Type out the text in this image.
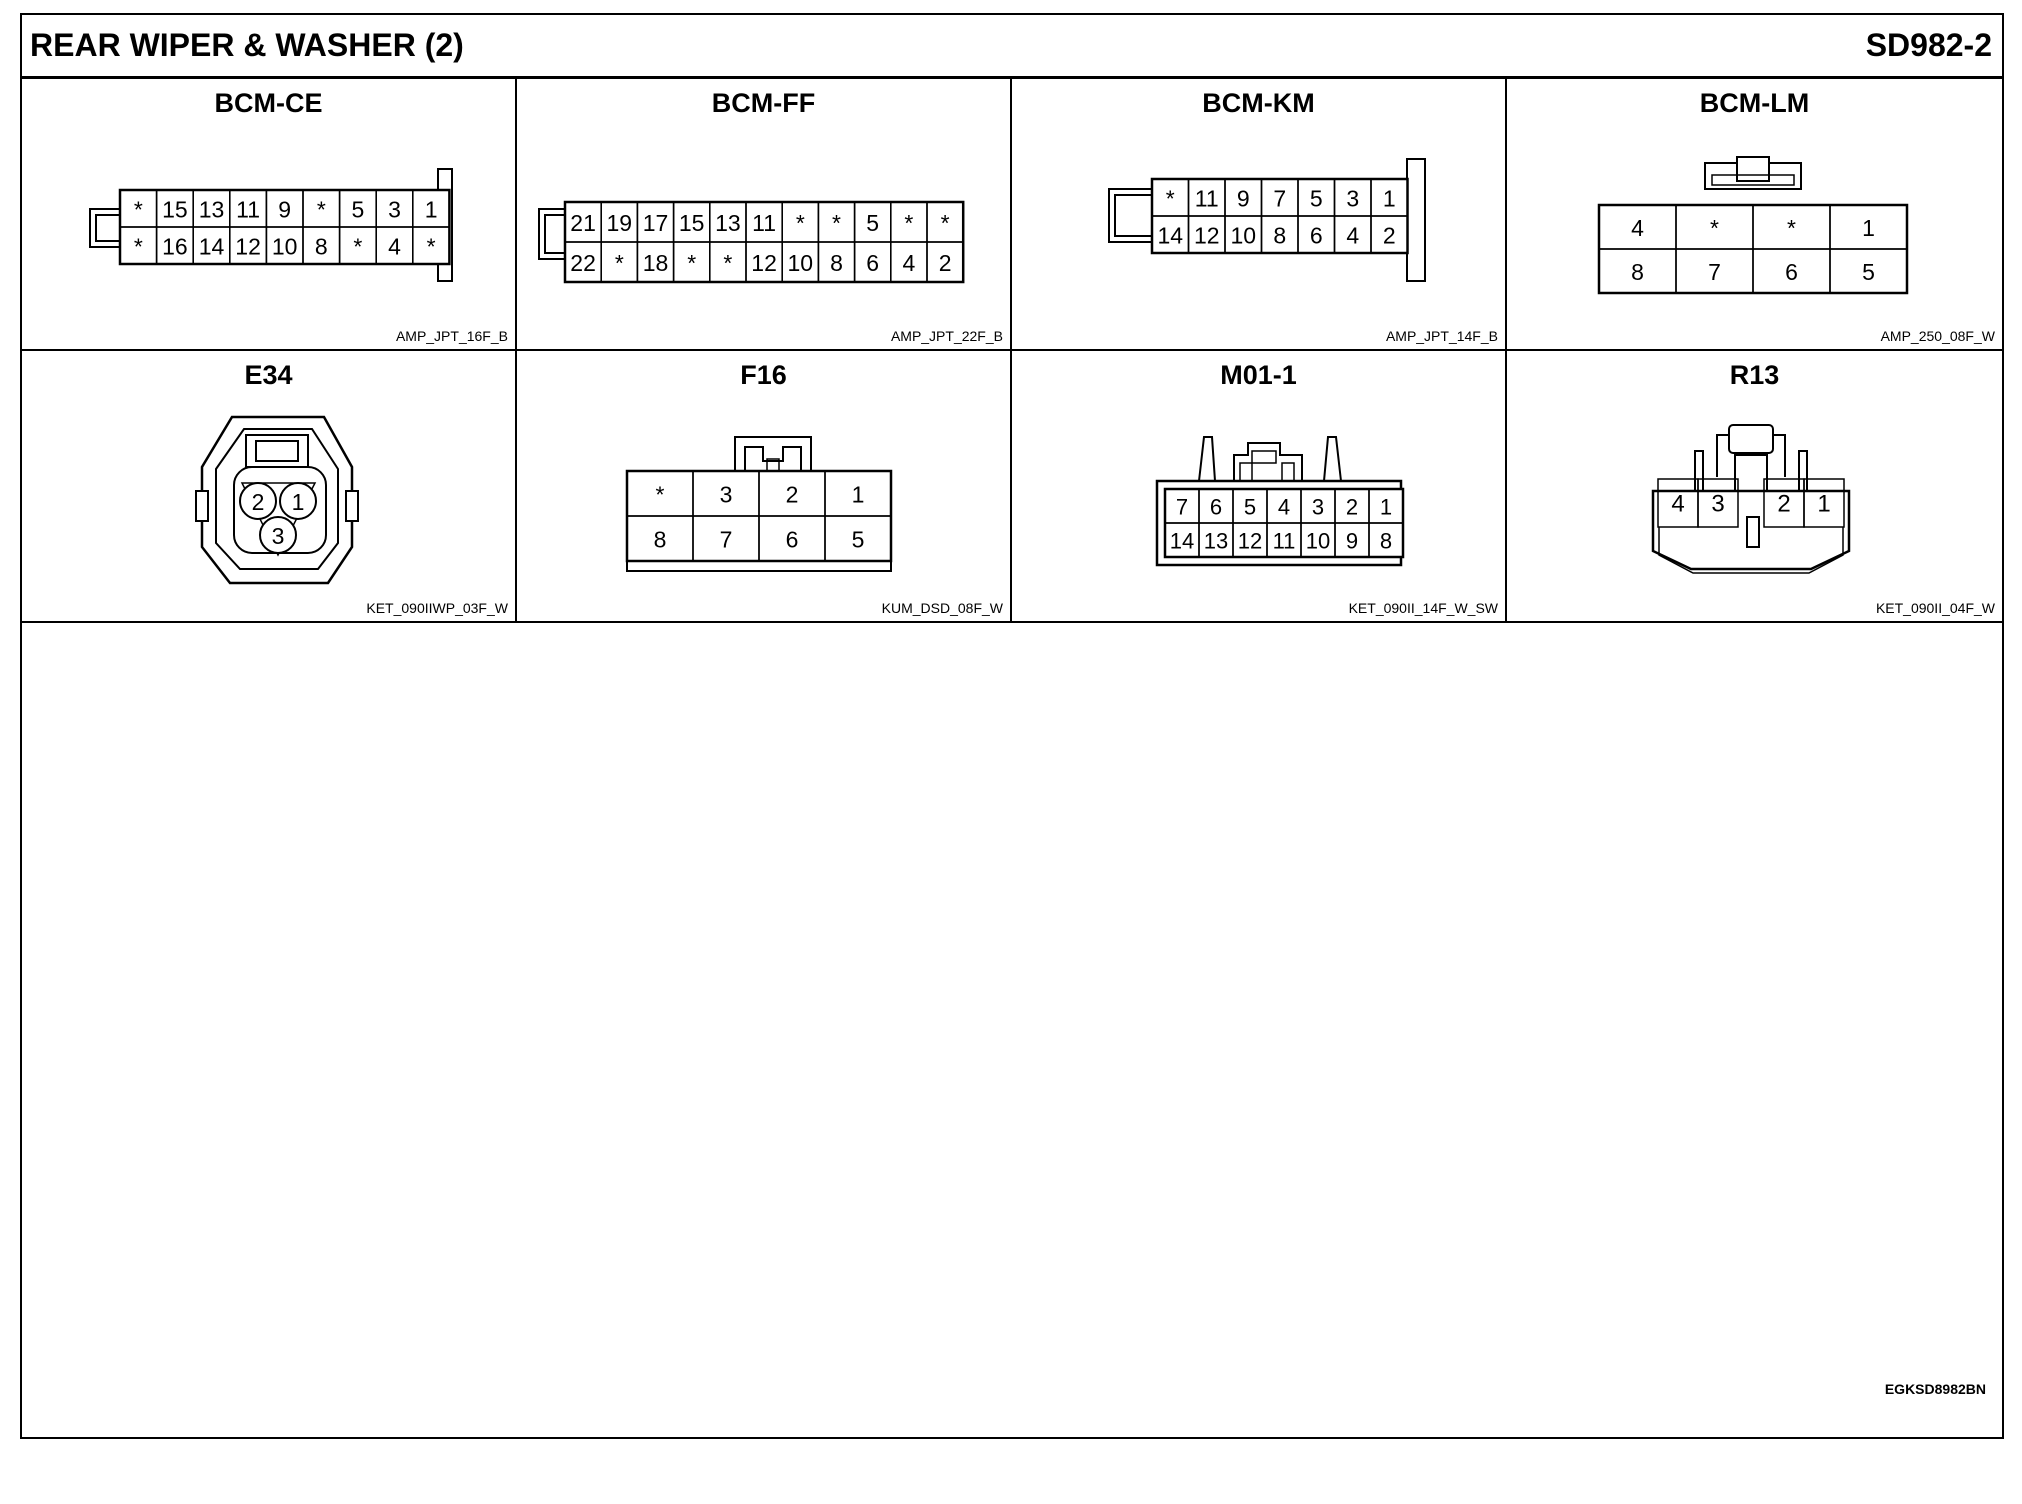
REAR WIPER & WASHER (2)	SD982-2
* 15 13 11 9 * 5 3 1
* 16 14 12 10 8 * 4 *
BCM-CE
AMP_JPT_16F_B
21 19 17 15 13 11 * * 5 * *
22 * 18 * * 12 10 8 6 4 2
BCM-FF
AMP_JPT_22F_B
* 11 9 7 5 3 1
14 12 10 8 6 4 2
BCM-KM
AMP_JPT_14F_B
4	*	*	1
8	7	6	5
BCM-LM
AMP_250_08F_W
2 1
3
E34
KET_090IIWP_03F_W
* 3 2 1
8 7 6 5
F16
KUM_DSD_08F_W
7 6 5 4 3 2 1
14 13 12 11 10 9 8
M01-1
KET_090II_14F_W_SW
4 3 2 1
R13
KET_090II_04F_W
EGKSD8982BN
